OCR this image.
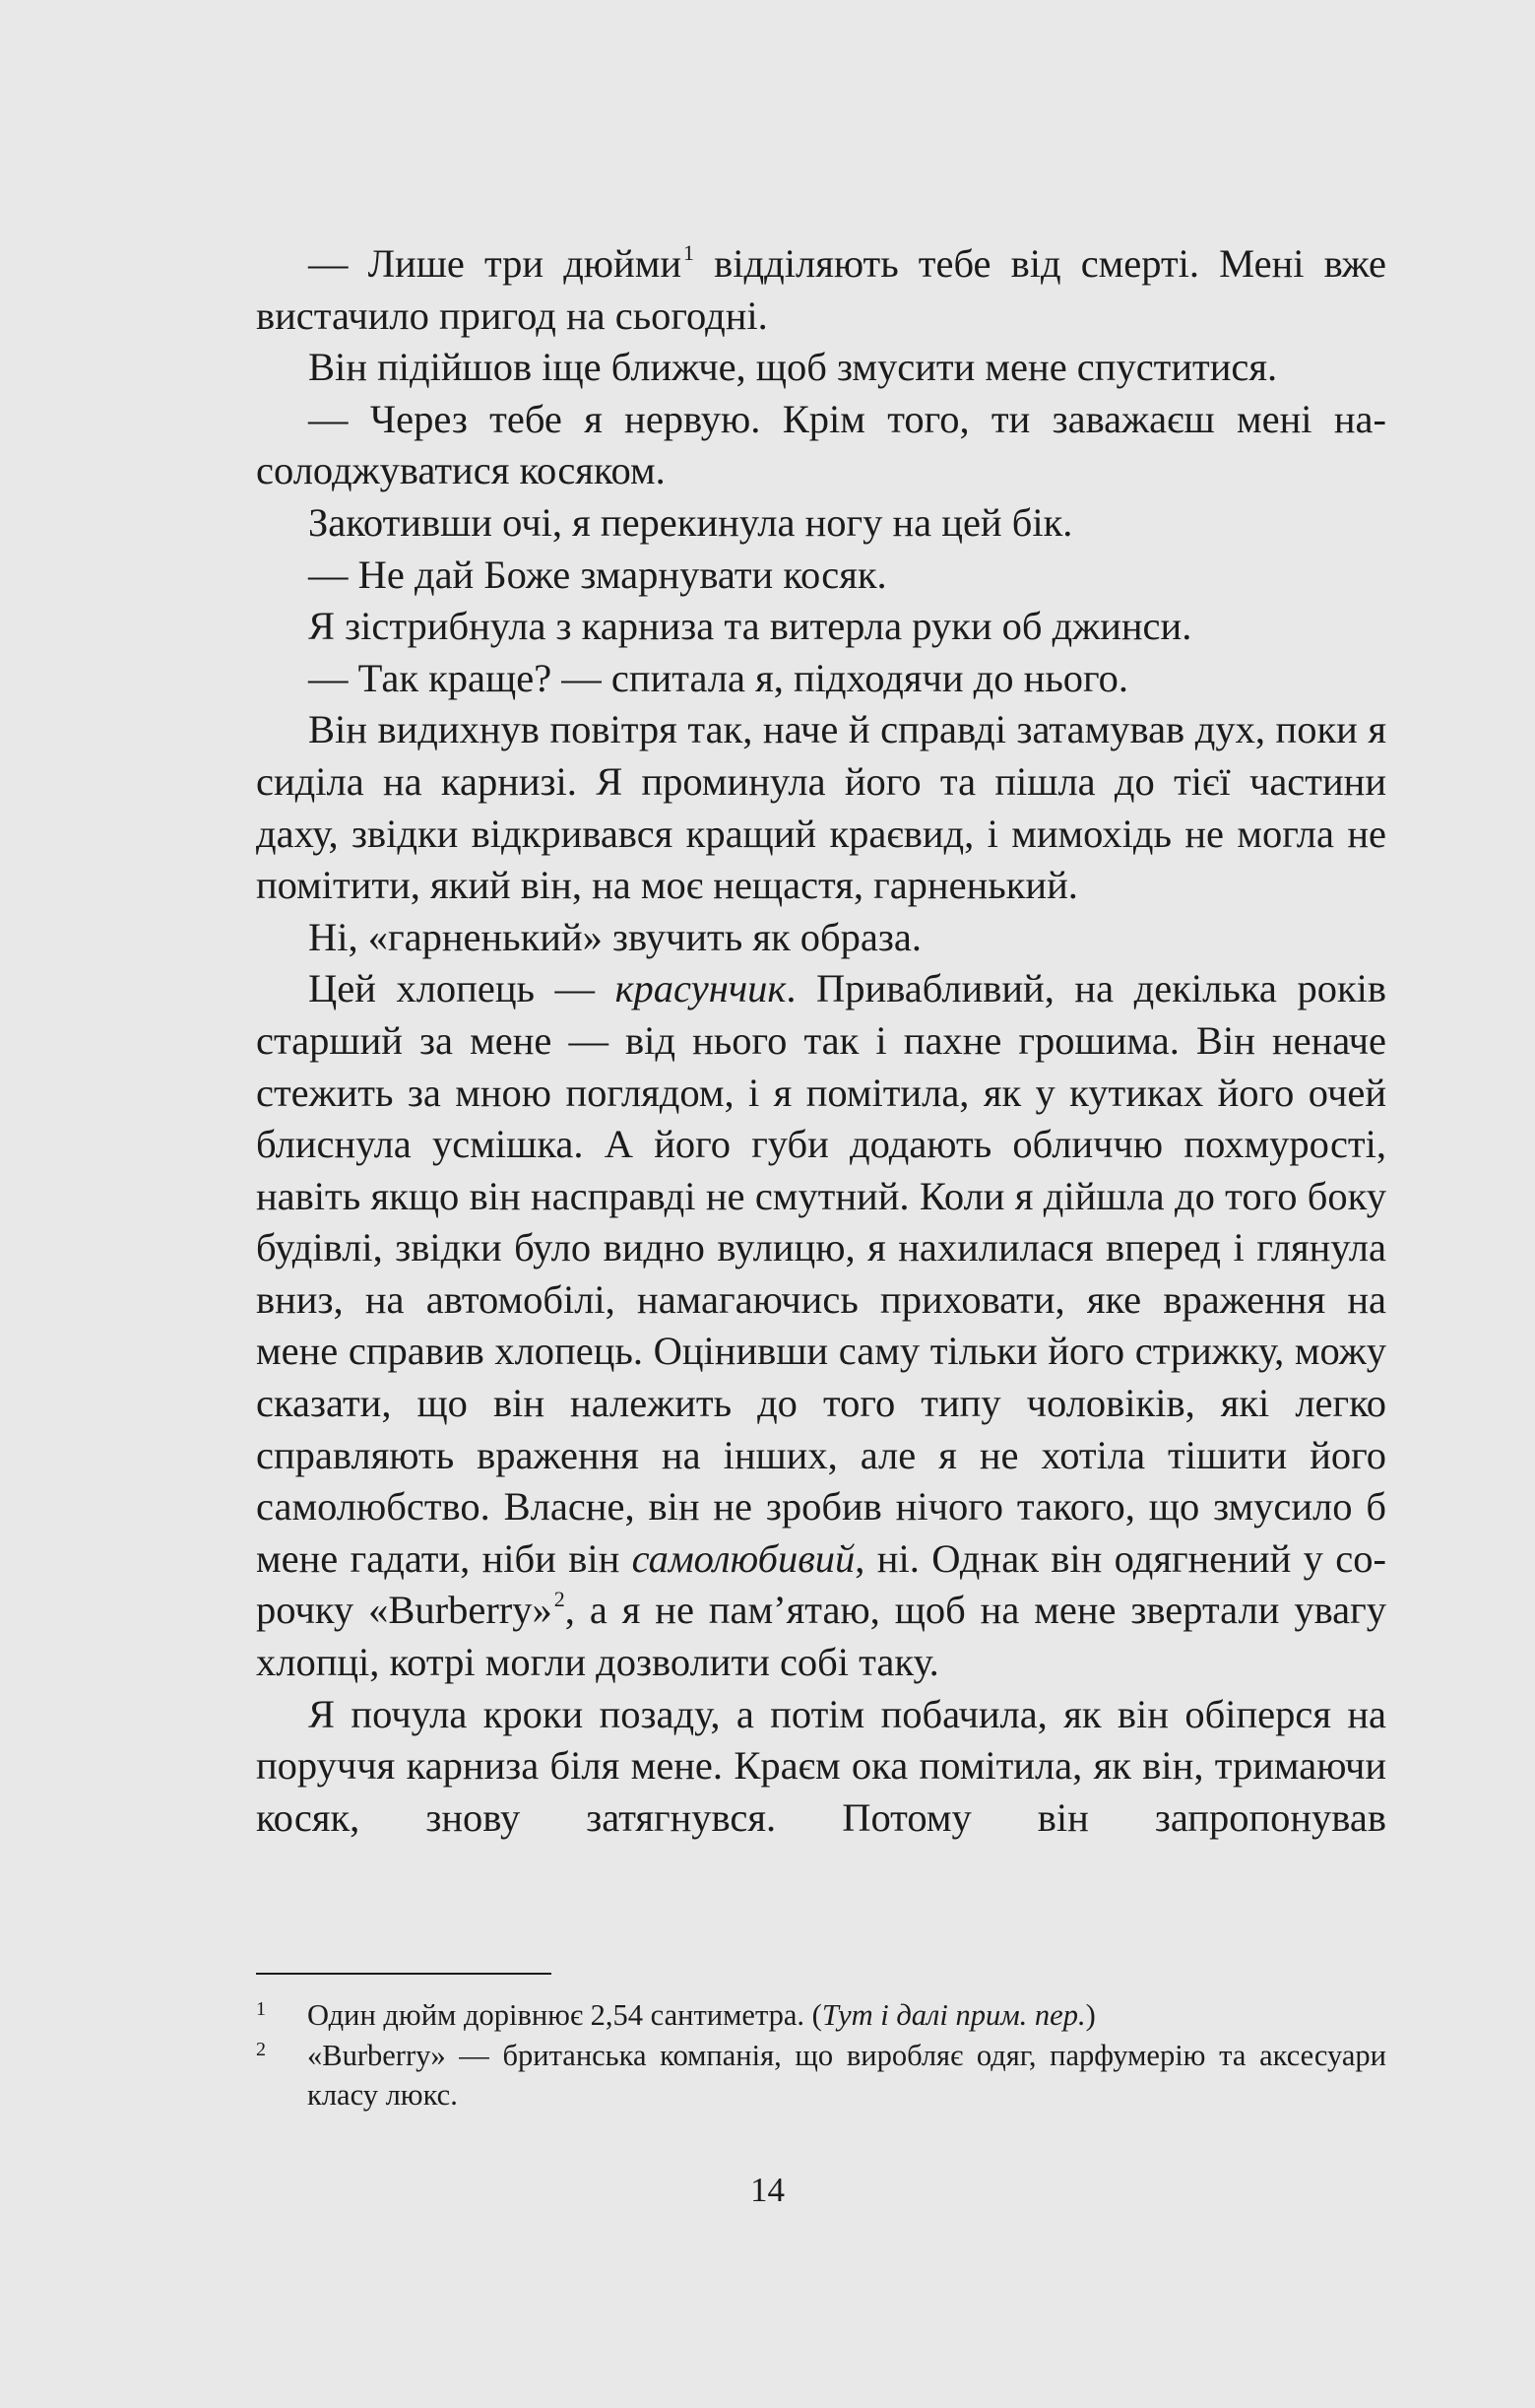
— Лише три дюйми$^1$ відділяють тебе від смерті. Мені вже вистачило пригод на сьогодні.

Він підійшов іще ближче, щоб змусити мене спуститися.

— Через тебе я нервую. Крім того, ти заважаєш мені насолоджуватися косяком.

Закотивши очі, я перекинула ногу на цей бік.

— Не дай Боже змарнувати косяк.

Я зістрибнула з карниза та витерла руки об джинси.

— Так краще? — спитала я, підходячи до нього.

Він видихнув повітря так, наче й справді затамував дух, поки я сиділа на карнизі. Я проминула його та пішла до тієї частини даху, звідки відкривався кращий краєвид, і мимохідь не могла не помітити, який він, на моє нещастя, гарненький.

Ні, «гарненький» звучить як образа.

Цей хлопець — красунчик. Привабливий, на декілька років старший за мене — від нього так і пахне грошима. Він неначе стежить за мною поглядом, і я помітила, як у кутиках його очей блиснула усмішка. А його губи додають обличчю похмурості, навіть якщо він насправді не смутний. Коли я дійшла до того боку будівлі, звідки було видно вулицю, я нахилилася вперед і глянула вниз, на автомобілі, намагаючись приховати, яке враження на мене справив хлопець. Оцінивши саму тільки його стрижку, можу сказати, що він належить до того типу чоловіків, які легко справляють враження на інших, але я не хотіла тішити його самолюбство. Власне, він не зробив нічого такого, що змусило б мене гадати, ніби він самолюбивий, ні. Однак він одягнений у сорочку «Burberry»$^2$, а я не пам’ятаю, щоб на мене звертали увагу хлопці, котрі могли дозволити собі таку.

Я почула кроки позаду, а потім побачила, як він обіперся на поруччя карниза біля мене. Краєм ока помітила, як він, тримаючи косяк, знову затягнувся. Потому він запропонував

1 Один дюйм дорівнює 2,54 сантиметра. (Тут і далі прим. пер.)

2 «Burberry» — британська компанія, що виробляє одяг, парфумерію та аксесуари класу люкс.

14
